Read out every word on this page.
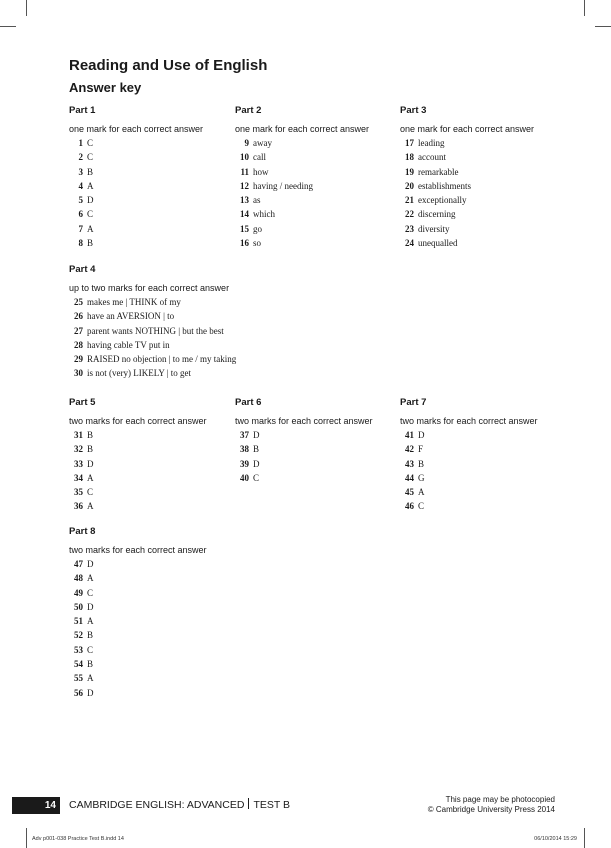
Reading and Use of English
Answer key
Part 1
one mark for each correct answer
1 C
2 C
3 B
4 A
5 D
6 C
7 A
8 B
Part 2
one mark for each correct answer
9 away
10 call
11 how
12 having / needing
13 as
14 which
15 go
16 so
Part 3
one mark for each correct answer
17 leading
18 account
19 remarkable
20 establishments
21 exceptionally
22 discerning
23 diversity
24 unequalled
Part 4
up to two marks for each correct answer
25 makes me | THINK of my
26 have an AVERSION | to
27 parent wants NOTHING | but the best
28 having cable TV put in
29 RAISED no objection | to me / my taking
30 is not (very) LIKELY | to get
Part 5
two marks for each correct answer
31 B
32 B
33 D
34 A
35 C
36 A
Part 6
two marks for each correct answer
37 D
38 B
39 D
40 C
Part 7
two marks for each correct answer
41 D
42 F
43 B
44 G
45 A
46 C
Part 8
two marks for each correct answer
47 D
48 A
49 C
50 D
51 A
52 B
53 C
54 B
55 A
56 D
14	CAMBRIDGE ENGLISH: ADVANCED TEST B	This page may be photocopied
© Cambridge University Press 2014
Adv p001-038 Practice Test B.indd 14	06/10/2014 15:29
